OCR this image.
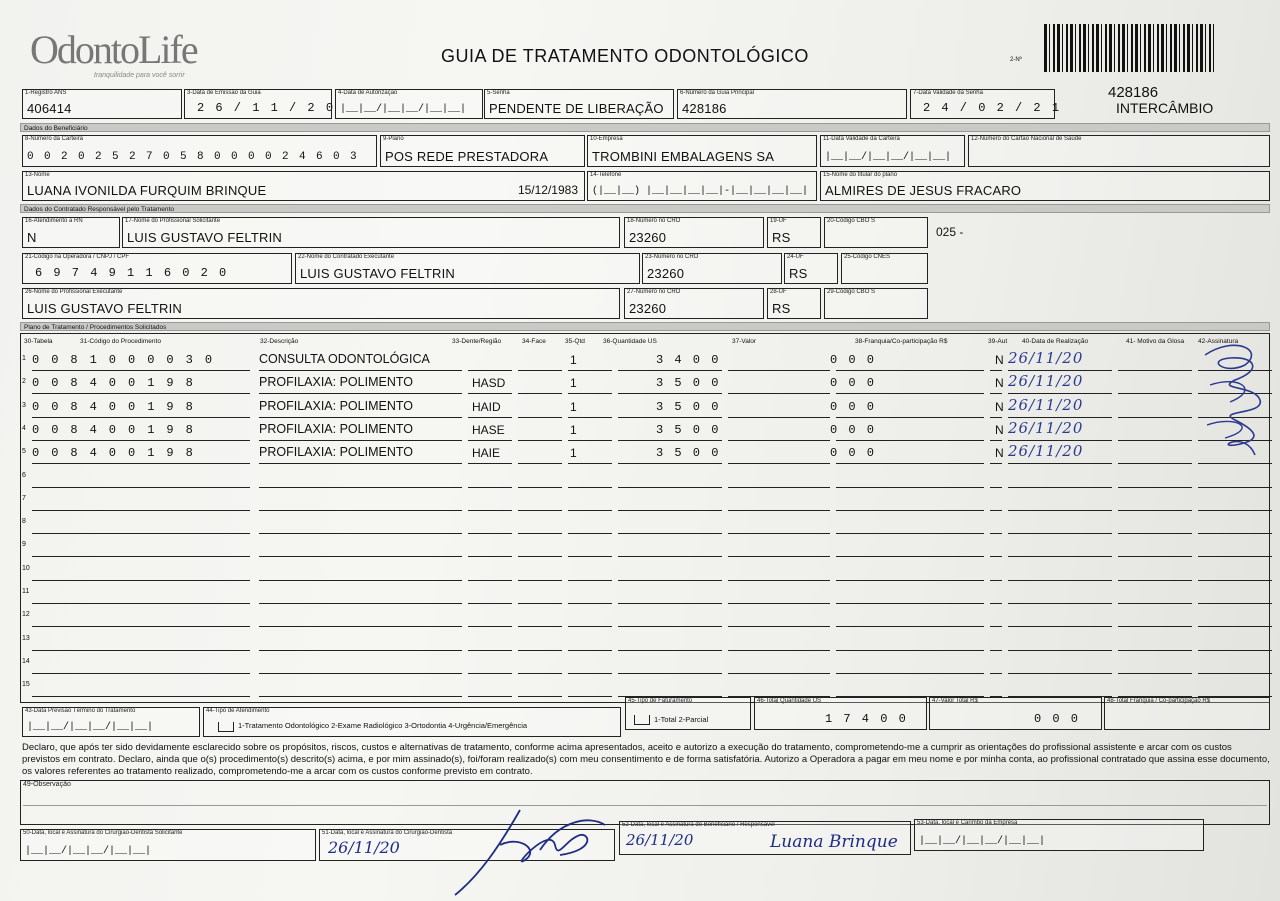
OdontoLife
tranquilidade para você sorrir
GUIA DE TRATAMENTO ODONTOLÓGICO	2-Nº
428186
INTERCÂMBIO
1-Registro ANS
406414
3-Data de Emissão da Guia
2 6 / 1 1 / 2 0
4-Data de Autorização
|__|__/|__|__/|__|__|
5-Senha
PENDENTE DE LIBERAÇÃO
6-Número da Guia Principal
428186
7-Data Validade da Senha
2 4 / 0 2 / 2 1
Dados do Beneficiário
8-Número da Carteira
0 0 2 0 2 5 2 7 0 5 8 0 0 0 0 2 4 6 0 3
9-Plano
POS REDE PRESTADORA
10-Empresa
TROMBINI EMBALAGENS SA
11-Data Validade da Carteira
|__|__/|__|__/|__|__|
12-Número do Cartão Nacional de Saúde
13-Nome
LUANA IVONILDA FURQUIM BRINQUE	15/12/1983
14-Telefone
(|__|__) |__|__|__|__|-|__|__|__|__|
15-Nome do titular do plano
ALMIRES DE JESUS FRACARO
Dados do Contratado Responsável pelo Tratamento
16-Atendimento a RN
N
17-Nome do Profissional Solicitante
LUIS GUSTAVO FELTRIN
18-Número no CRO
23260
19-UF
RS
20-Código CBO S
025 -
21-Código na Operadora / CNPJ / CPF
6 9 7 4 9 1 1 6 0 2 0
22-Nome do Contratado Executante
LUIS GUSTAVO FELTRIN
23-Número no CRO
23260
24-UF
RS
25-Código CNES
26-Nome do Profissional Executante
LUIS GUSTAVO FELTRIN
27-Número no CRO
23260
28-UF
RS
29-Código CBO S
Plano de Tratamento / Procedimentos Solicitados
30-Tabela	31-Código do Procedimento	32-Descrição	33-Dente/Região	34-Face	35-Qtd	36-Quantidade US	37-Valor	38-Franquia/Co-participação R$	39-Aut 40-Data de Realização	41- Motivo da Glosa 42-Assinatura
1 0 0 8 1 0 0 0 0 3 0	CONSULTA ODONTOLÓGICA	1	3 4 0 0	0 0 0	N 26/11/20
2 0 0 8 4 0 0 1 9 8	PROFILAXIA: POLIMENTO	HASD	1	3 5 0 0	0 0 0	N 26/11/20
3 0 0 8 4 0 0 1 9 8	PROFILAXIA: POLIMENTO	HAID	1	3 5 0 0	0 0 0	N 26/11/20
4 0 0 8 4 0 0 1 9 8	PROFILAXIA: POLIMENTO	HASE	1	3 5 0 0	0 0 0	N 26/11/20
5 0 0 8 4 0 0 1 9 8	PROFILAXIA: POLIMENTO	HAIE	1	3 5 0 0	0 0 0	N 26/11/20
6
7
8
9
10
11
12
13
14
15
43-Data Previsão Término do Tratamento
|__|__/|__|__/|__|__|
44-Tipo de Atendimento
1-Tratamento Odontológico 2-Exame Radiológico 3-Ortodontia 4-Urgência/Emergência
45-Tipo de Faturamento
1-Total 2-Parcial
46-Total Quantidade US
1 7 4 0 0
47-Valor Total R$
0 0 0
48-Total Franquia / Co-participação R$
Declaro, que após ter sido devidamente esclarecido sobre os propósitos, riscos, custos e alternativas de tratamento, conforme acima apresentados, aceito e autorizo a execução do tratamento, comprometendo-me a cumprir as orientações do profissional assistente e arcar com os custos previstos em contrato. Declaro, ainda que o(s) procedimento(s) descrito(s) acima, e por mim assinado(s), foi/foram realizado(s) com meu consentimento e de forma satisfatória. Autorizo a Operadora a pagar em meu nome e por minha conta, ao profissional contratado que assina esse documento, os valores referentes ao tratamento realizado, comprometendo-me a arcar com os custos conforme previsto em contrato.
49-Observação
50-Data, local e Assinatura do Cirurgião-Dentista Solicitante
|__|__/|__|__/|__|__|
51-Data, local e Assinatura do Cirurgião-Dentista
26/11/20
52-Data, local e Assinatura do Beneficiário / Responsável
26/11/20	Luana Brinque
53-Data, local e Carimbo da Empresa
|__|__/|__|__/|__|__|
